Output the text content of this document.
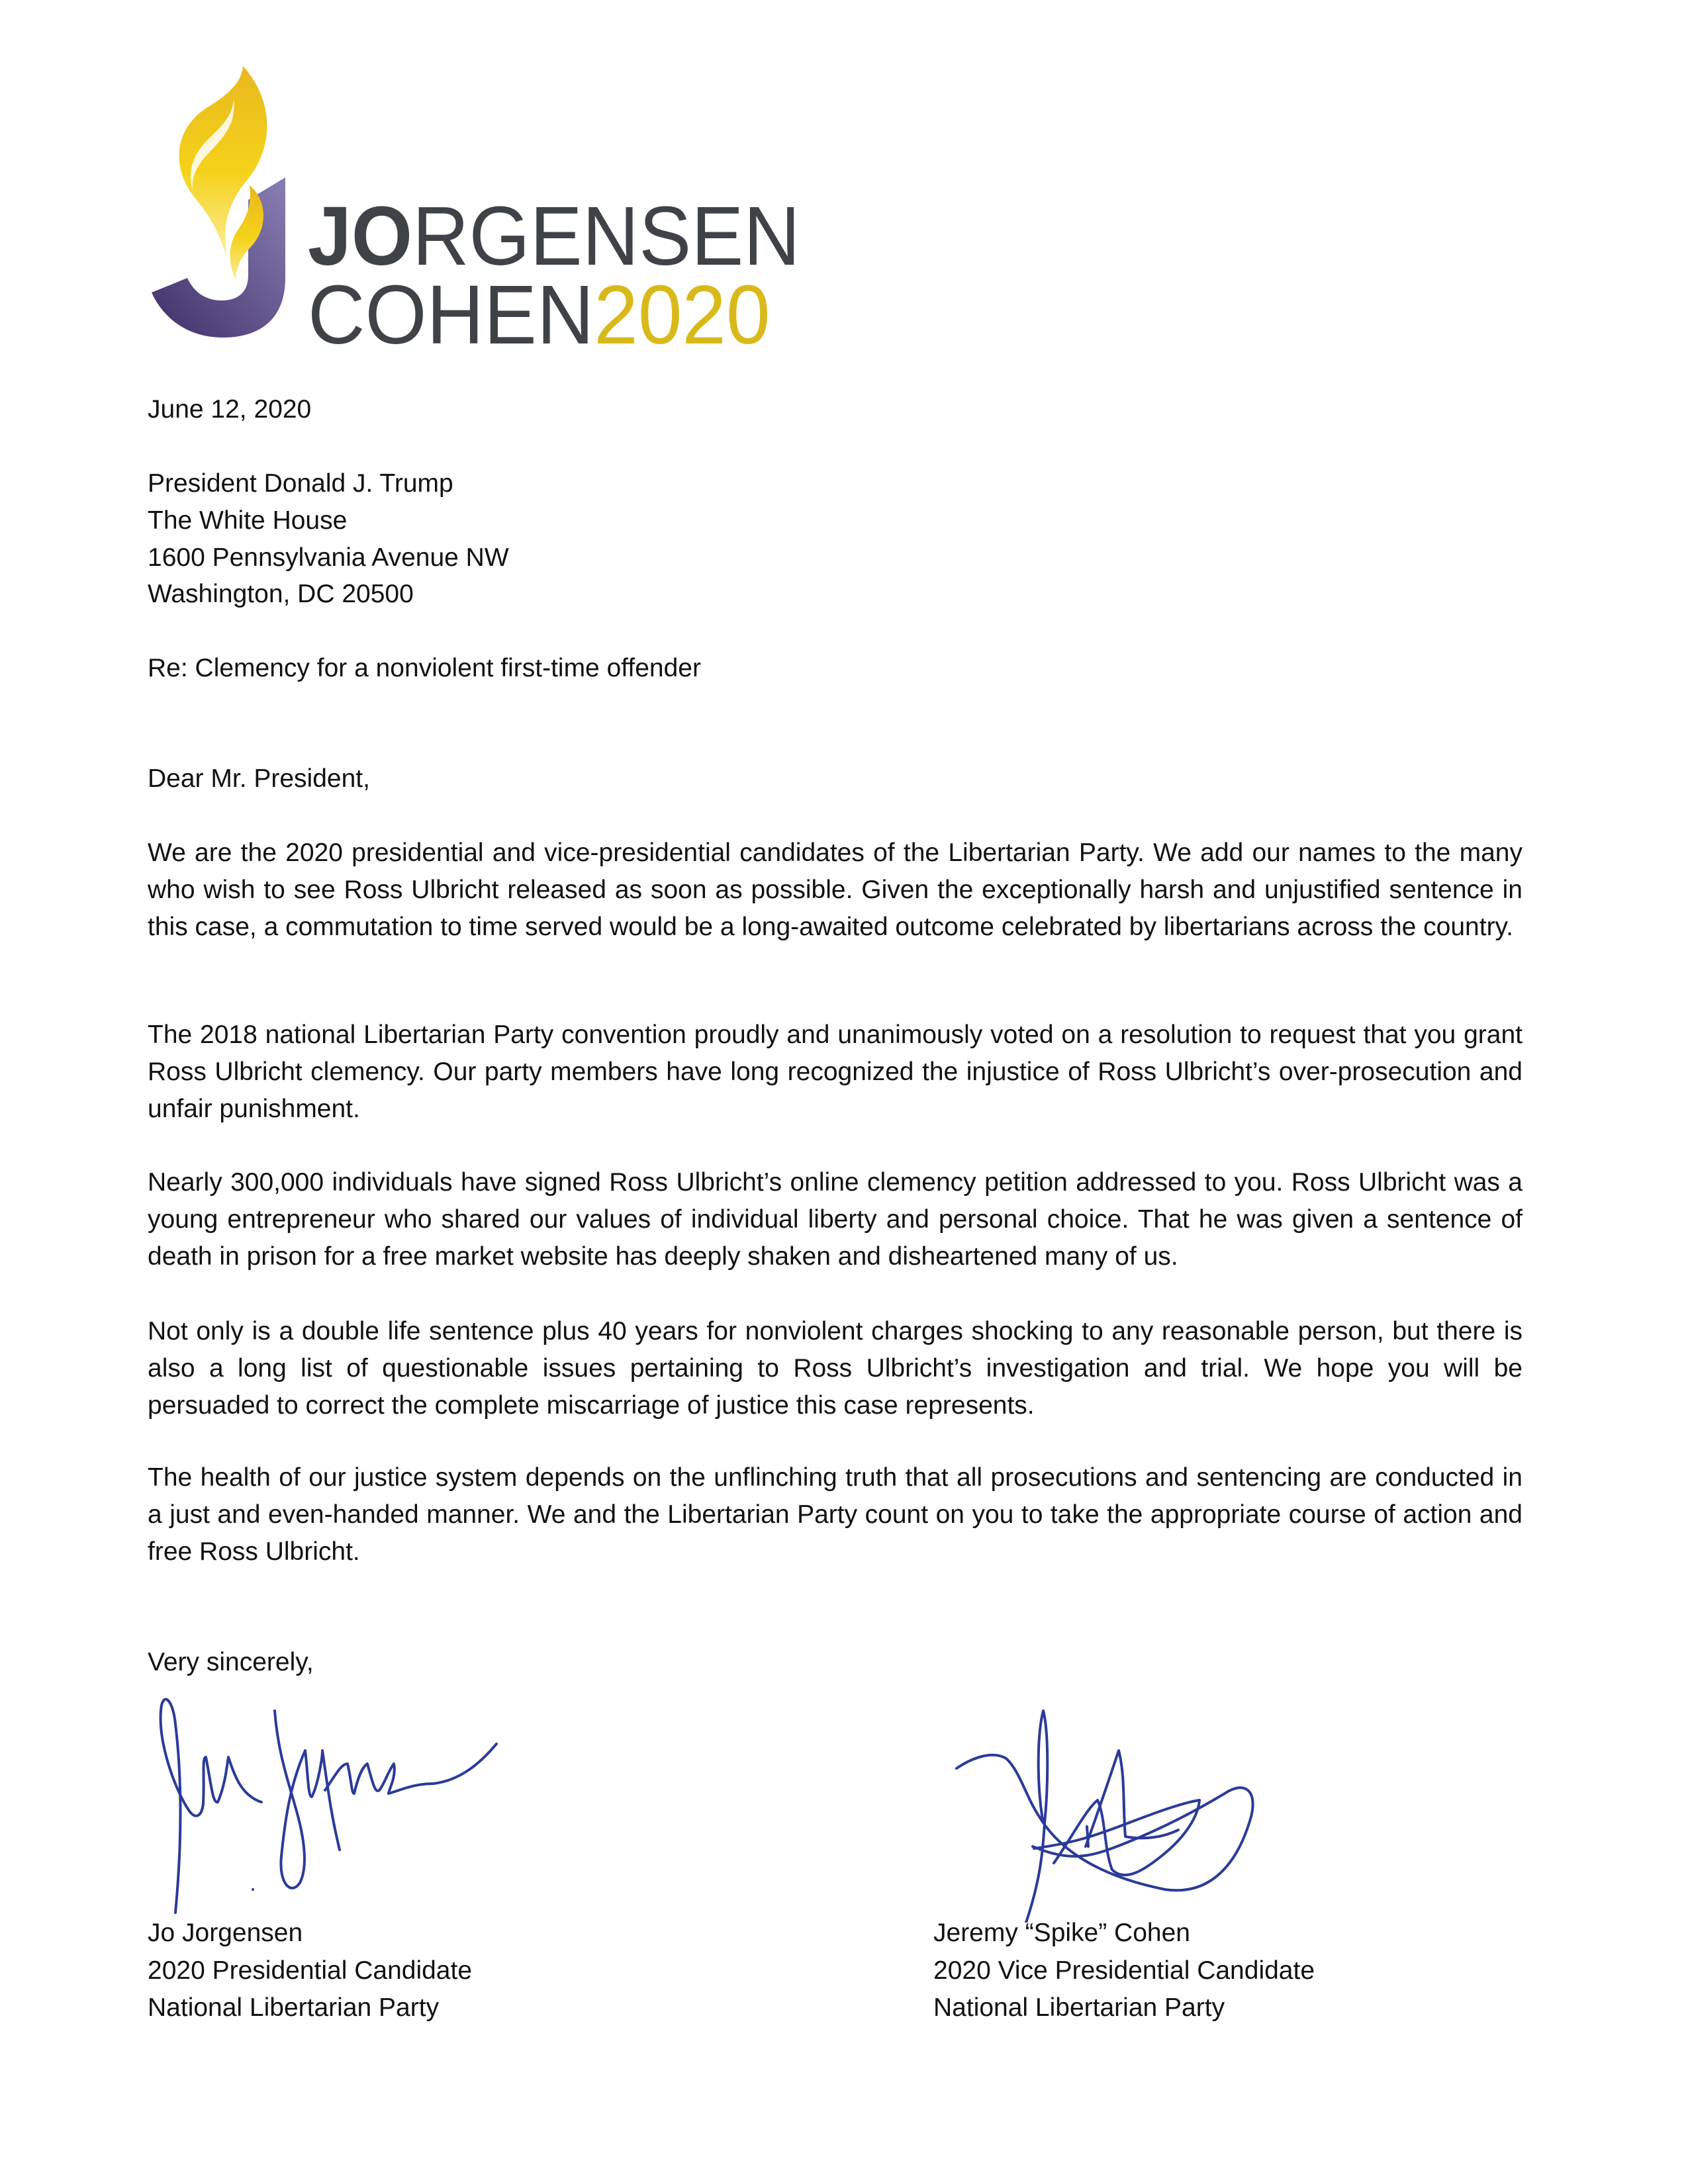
JORGENSEN
COHEN2020
June 12, 2020
President Donald J. Trump
The White House
1600 Pennsylvania Avenue NW
Washington, DC 20500
Re: Clemency for a nonviolent first-time offender
Dear Mr. President,
We are the 2020 presidential and vice-presidential candidates of the Libertarian Party. We add our names to the many who wish to see Ross Ulbricht released as soon as possible. Given the exceptionally harsh and unjustified sentence in this case, a commutation to time served would be a long-awaited outcome celebrated by libertarians across the country.
The 2018 national Libertarian Party convention proudly and unanimously voted on a resolution to request that you grant Ross Ulbricht clemency. Our party members have long recognized the injustice of Ross Ulbricht’s over-prosecution and unfair punishment.
Nearly 300,000 individuals have signed Ross Ulbricht’s online clemency petition addressed to you. Ross Ulbricht was a young entrepreneur who shared our values of individual liberty and personal choice. That he was given a sentence of death in prison for a free market website has deeply shaken and disheartened many of us.
Not only is a double life sentence plus 40 years for nonviolent charges shocking to any reasonable person, but there is also a long list of questionable issues pertaining to Ross Ulbricht’s investigation and trial. We hope you will be persuaded to correct the complete miscarriage of justice this case represents.
The health of our justice system depends on the unflinching truth that all prosecutions and sentencing are conducted in a just and even-handed manner. We and the Libertarian Party count on you to take the appropriate course of action and free Ross Ulbricht.
Very sincerely,
Jo Jorgensen
2020 Presidential Candidate
National Libertarian Party
Jeremy “Spike” Cohen
2020 Vice Presidential Candidate
National Libertarian Party
